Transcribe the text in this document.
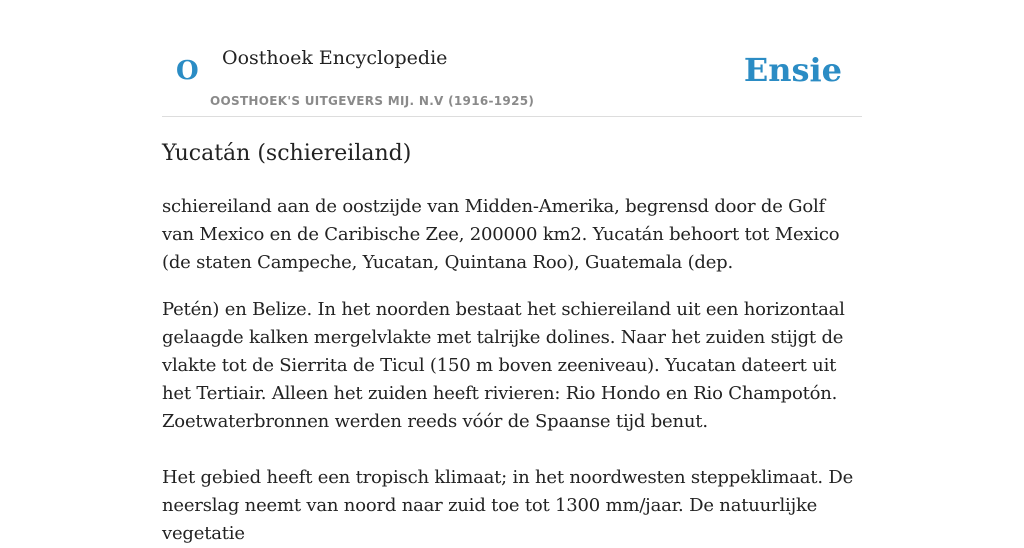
O Oosthoek Encyclopedie
OOSTHOEK'S UITGEVERS MIJ. N.V (1916-1925)
Ensie
Yucatán (schiereiland)

schiereiland aan de oostzijde van Midden-Amerika, begrensd door de Golf van Mexico en de Caribische Zee, 200000 km2. Yucatán behoort tot Mexico (de staten Campeche, Yucatan, Quintana Roo), Guatemala (dep.

Petén) en Belize. In het noorden bestaat het schiereiland uit een horizontaal gelaagde kalken mergelvlakte met talrijke dolines. Naar het zuiden stijgt de vlakte tot de Sierrita de Ticul (150 m boven zeeniveau). Yucatan dateert uit het Tertiair. Alleen het zuiden heeft rivieren: Rio Hondo en Rio Champotón. Zoetwaterbronnen werden reeds vóór de Spaanse tijd benut.

Het gebied heeft een tropisch klimaat; in het noordwesten steppeklimaat. De neerslag neemt van noord naar zuid toe tot 1300 mm/jaar. De natuurlijke vegetatie
